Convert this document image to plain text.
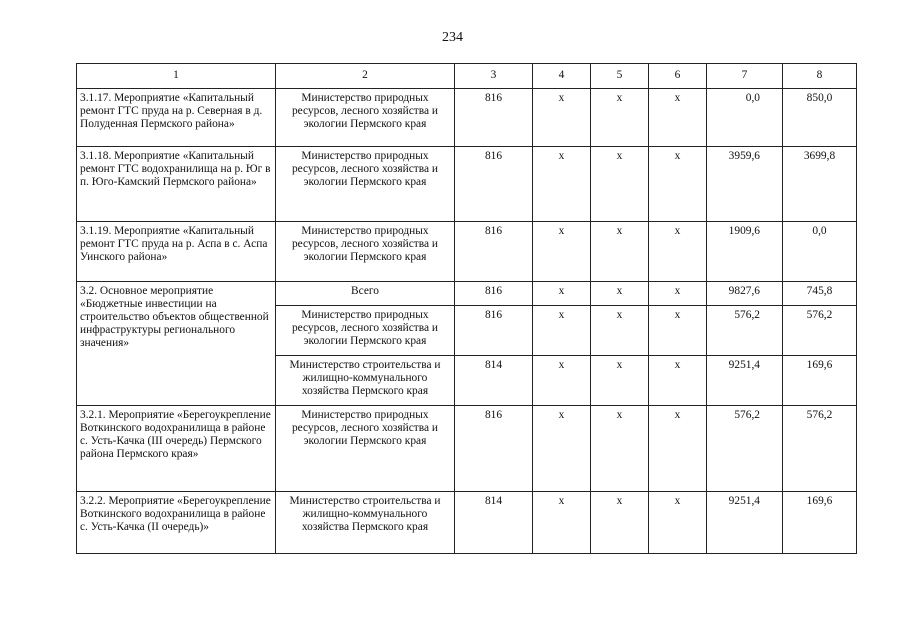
234
1	2	3	4	5	6	7	8
3.1.17. Мероприятие «Капитальный ремонт ГТС пруда на р. Северная в д. Полуденная Пермского района»	Министерство природных ресурсов, лесного хозяйства и экологии Пермского края	816	x	x	x	0,0	850,0
3.1.18. Мероприятие «Капитальный ремонт ГТС водохранилища на р. Юг в п. Юго-Камский Пермского района»	Министерство природных ресурсов, лесного хозяйства и экологии Пермского края	816	x	x	x	3959,6	3699,8
3.1.19. Мероприятие «Капитальный ремонт ГТС пруда на р. Аспа в с. Аспа Уинского района»	Министерство природных ресурсов, лесного хозяйства и экологии Пермского края	816	x	x	x	1909,6	0,0
3.2. Основное мероприятие «Бюджетные инвестиции на строительство объектов общественной инфраструктуры регионального значения»	Всего	816	x	x	x	9827,6	745,8
	Министерство природных ресурсов, лесного хозяйства и экологии Пермского края	816	x	x	x	576,2	576,2
	Министерство строительства и жилищно-коммунального хозяйства Пермского края	814	x	x	x	9251,4	169,6
3.2.1. Мероприятие «Берегоукрепление Воткинского водохранилища в районе с. Усть-Качка (III очередь) Пермского района Пермского края»	Министерство природных ресурсов, лесного хозяйства и экологии Пермского края	816	x	x	x	576,2	576,2
3.2.2. Мероприятие «Берегоукрепление Воткинского водохранилища в районе с. Усть-Качка (II очередь)»	Министерство строительства и жилищно-коммунального хозяйства Пермского края	814	x	x	x	9251,4	169,6
